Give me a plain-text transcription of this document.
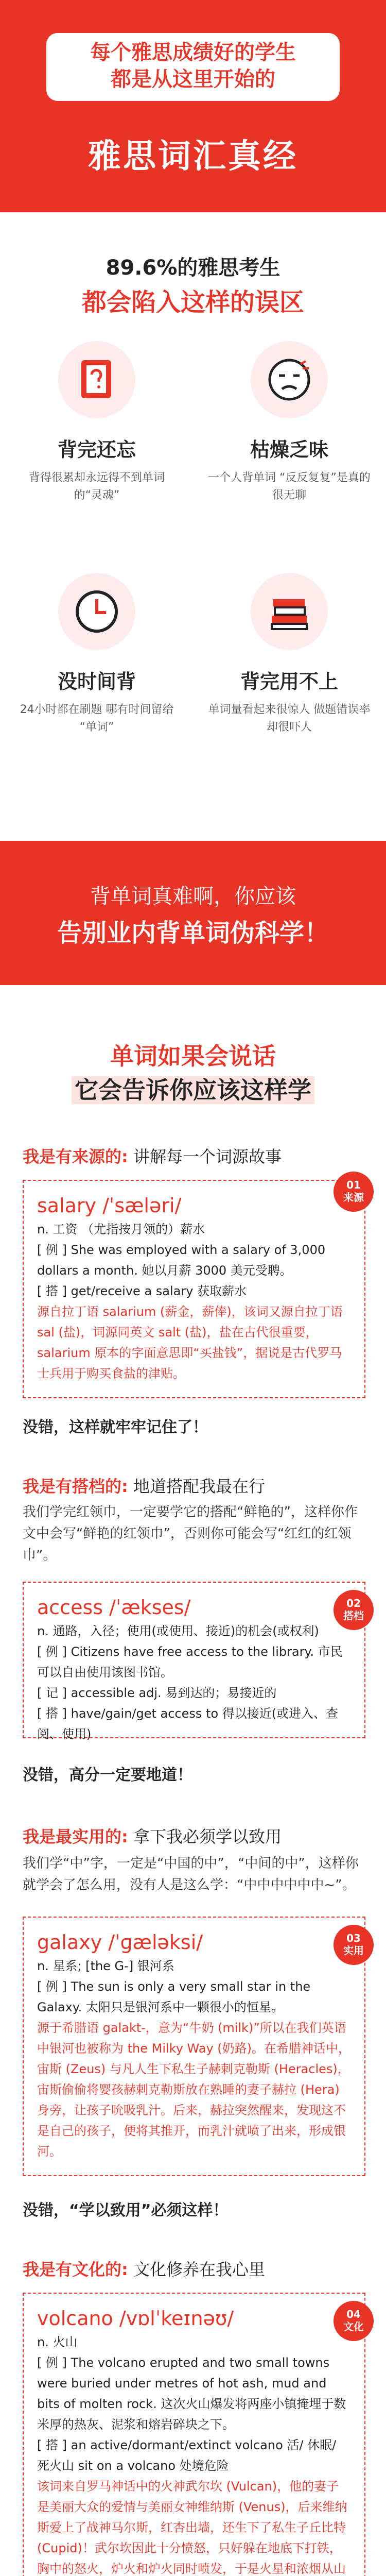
每个雅思成绩好的学生
都是从这里开始的
雅思词汇真经
89.6%的雅思考生
都会陷入这样的误区
背完还忘
背得很累却永远得不到单词的“灵魂”
枯燥乏味
一个人背单词 “反反复复”是真的很无聊
没时间背
24小时都在刷题 哪有时间留给 “单词”
背完用不上
单词量看起来很惊人 做题错误率却很吓人
背单词真难啊，你应该
告别业内背单词伪科学！
单词如果会说话
它会告诉你应该这样学
我是有来源的: 讲解每一个词源故事
01
来源
salary /ˈsæləri/
n. 工资 （尤指按月领的）薪水
[ 例 ] She was employed with a salary of 3,000 dollars a month. 她以月薪 3000 美元受聘。
[ 搭 ] get/receive a salary 获取薪水
源自拉丁语 salarium (薪金，薪俸)，该词又源自拉丁语 sal (盐)，词源同英文 salt (盐)，盐在古代很重要，salarium 原本的字面意思即“买盐钱”，据说是古代罗马士兵用于购买食盐的津贴。
没错，这样就牢牢记住了！
我是有搭档的: 地道搭配我最在行
我们学完红领巾，一定要学它的搭配“鲜艳的”，这样你作文中会写“鲜艳的红领巾”，否则你可能会写“红红的红领巾”。
02
搭档
access /ˈækses/
n. 通路，入径；使用(或使用、接近)的机会(或权利)
[ 例 ] Citizens have free access to the library. 市民可以自由使用该图书馆。
[ 记 ] accessible adj. 易到达的；易接近的
[ 搭 ] have/gain/get access to 得以接近(或进入、查阅、使用)
没错，高分一定要地道！
我是最实用的: 拿下我必须学以致用
我们学“中”字，一定是“中国的中”，“中间的中”，这样你就学会了怎么用，没有人是这么学：“中中中中中中~”。
03
实用
galaxy /ˈɡæləksi/
n. 星系; [the G-] 银河系
[ 例 ] The sun is only a very small star in the Galaxy. 太阳只是银河系中一颗很小的恒星。
源于希腊语 galakt-，意为“牛奶 (milk)”所以在我们英语中银河也被称为 the Milky Way (奶路)。在希腊神话中，宙斯 (Zeus) 与凡人生下私生子赫剌克勒斯 (Heracles)，宙斯偷偷将婴孩赫剌克勒斯放在熟睡的妻子赫拉 (Hera) 身旁，让孩子吮吸乳汁。后来，赫拉突然醒来，发现这不是自己的孩子，便将其推开，而乳汁就喷了出来，形成银河。
没错，“学以致用”必须这样！
我是有文化的: 文化修养在我心里
04
文化
volcano /vɒlˈkeɪnəʊ/
n. 火山
[ 例 ] The volcano erupted and two small towns were buried under metres of hot ash, mud and bits of molten rock. 这次火山爆发将两座小镇掩埋于数米厚的热灰、泥浆和熔岩碎块之下。
[ 搭 ] an active/dormant/extinct volcano 活/ 休眠/ 死火山 sit on a volcano 处境危险
该词来自罗马神话中的火神武尔坎 (Vulcan)，他的妻子是美丽大众的爱情与美丽女神维纳斯 (Venus)，后来维纳斯爱上了战神马尔斯，红杏出墙，还生下了私生子丘比特 (Cupid)！武尔坎因此十分愤怒，只好躲在地底下打铁，胸中的怒火，炉火和炉火同时喷发，于是火星和浓烟从山
